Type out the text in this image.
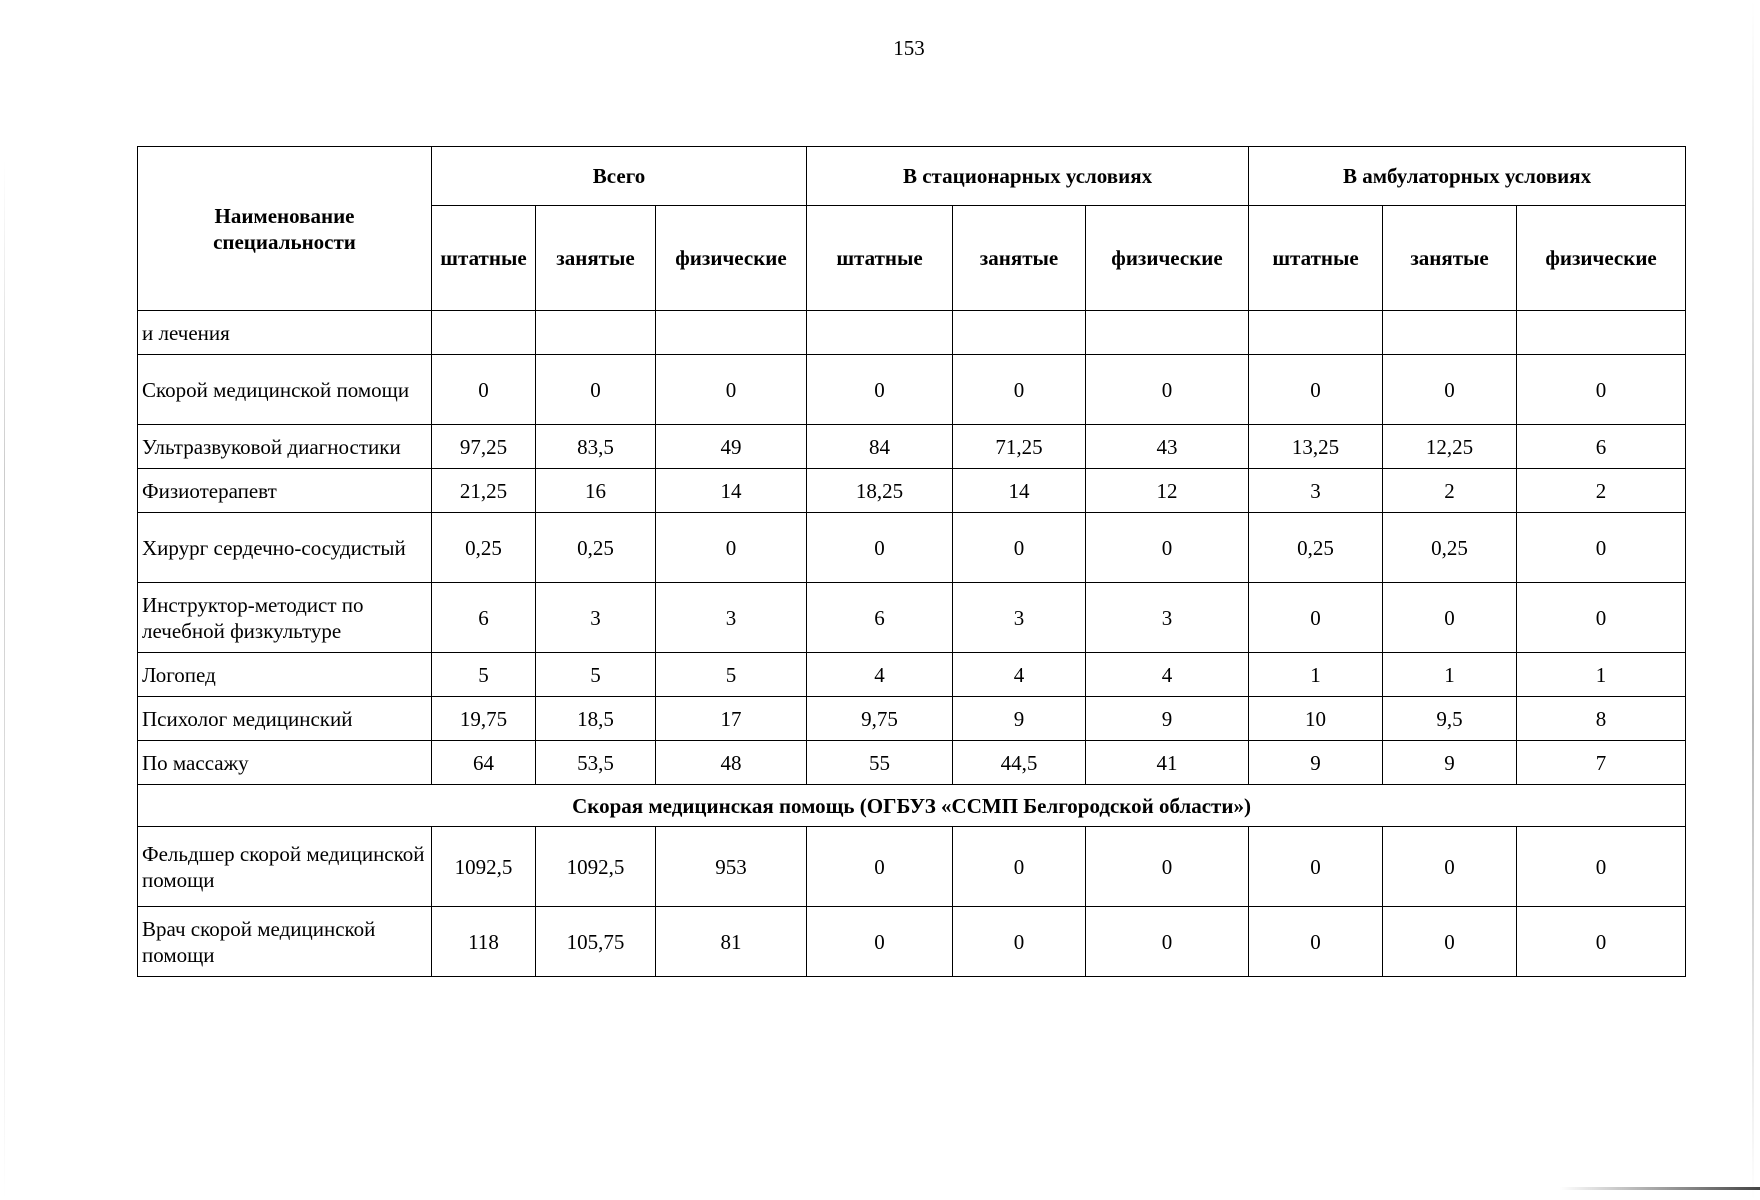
153
Наименование специальности	Всего			В стационарных условиях			В амбулаторных условиях		
	штатные	занятые	физические	штатные	занятые	физические	штатные	занятые	физические
и лечения									
Скорой медицинской помощи	0	0	0	0	0	0	0	0	0
Ультразвуковой диагностики	97,25	83,5	49	84	71,25	43	13,25	12,25	6
Физиотерапевт	21,25	16	14	18,25	14	12	3	2	2
Хирург сердечно-сосудистый	0,25	0,25	0	0	0	0	0,25	0,25	0
Инструктор-методист по лечебной физкультуре	6	3	3	6	3	3	0	0	0
Логопед	5	5	5	4	4	4	1	1	1
Психолог медицинский	19,75	18,5	17	9,75	9	9	10	9,5	8
По массажу	64	53,5	48	55	44,5	41	9	9	7
Скорая медицинская помощь (ОГБУЗ «ССМП Белгородской области»)									
Фельдшер скорой медицинской помощи	1092,5	1092,5	953	0	0	0	0	0	0
Врач скорой медицинской помощи	118	105,75	81	0	0	0	0	0	0
